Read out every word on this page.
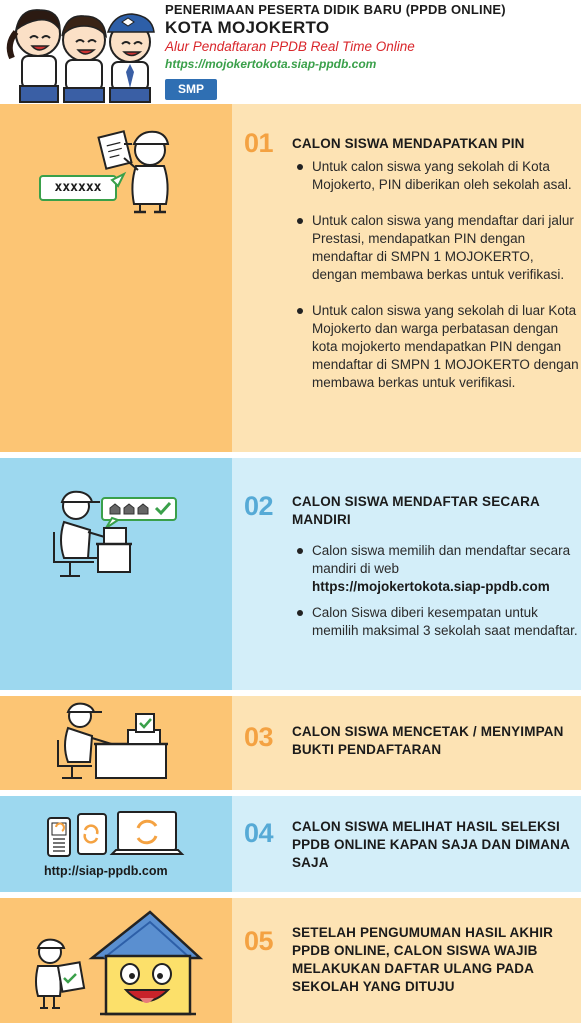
PENERIMAAN PESERTA DIDIK BARU (PPDB ONLINE)
KOTA MOJOKERTO
Alur Pendaftaran PPDB Real Time Online
https://mojokertokota.siap-ppdb.com
SMP
xxxxxx
01 CALON SISWA MENDAPATKAN PIN
Untuk calon siswa yang sekolah di Kota Mojokerto, PIN diberikan oleh sekolah asal.
Untuk calon siswa yang mendaftar dari jalur Prestasi, mendapatkan PIN dengan mendaftar di SMPN 1 MOJOKERTO, dengan membawa berkas untuk verifikasi.
Untuk calon siswa yang sekolah di luar Kota Mojokerto dan warga perbatasan dengan kota mojokerto mendapatkan PIN dengan mendaftar di SMPN 1 MOJOKERTO dengan membawa berkas untuk verifikasi.
02 CALON SISWA MENDAFTAR SECARA MANDIRI
Calon siswa memilih dan mendaftar secara mandiri di web
https://mojokertokota.siap-ppdb.com
Calon Siswa diberi kesempatan untuk memilih maksimal 3 sekolah saat mendaftar.
03 CALON SISWA MENCETAK / MENYIMPAN BUKTI PENDAFTARAN
http://siap-ppdb.com
04 CALON SISWA MELIHAT HASIL SELEKSI PPDB ONLINE KAPAN SAJA DAN DIMANA SAJA
05 SETELAH PENGUMUMAN HASIL AKHIR PPDB ONLINE, CALON SISWA WAJIB MELAKUKAN DAFTAR ULANG PADA SEKOLAH YANG DITUJU
